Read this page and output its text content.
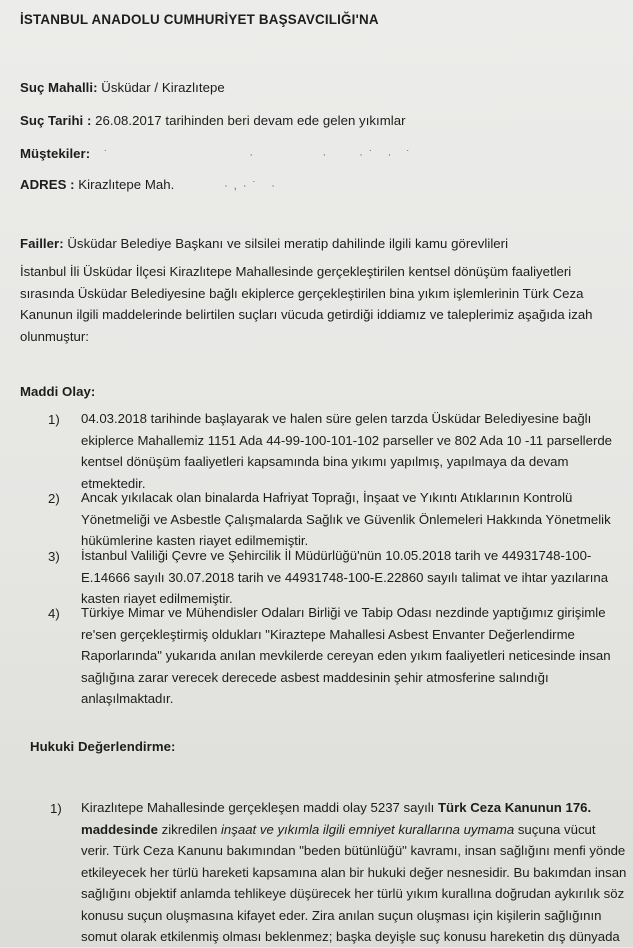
İSTANBUL ANADOLU CUMHURİYET BAŞSAVCILIĞI'NA
Suç Mahalli: Üsküdar / Kirazlıtepe
Suç Tarihi : 26.08.2017 tarihinden beri devam ede gelen yıkımlar
Müştekiler: ˙               ·       ·   ·˙ · ˙
ADRES : Kirazlıtepe Mah.	·,·˙ ·
Failler: Üsküdar Belediye Başkanı ve silsilei meratip dahilinde ilgili kamu görevlileri
İstanbul İli Üsküdar İlçesi Kirazlıtepe Mahallesinde gerçekleştirilen kentsel dönüşüm faaliyetleri
sırasında Üsküdar Belediyesine bağlı ekiplerce gerçekleştirilen bina yıkım işlemlerinin Türk Ceza
Kanunun ilgili maddelerinde belirtilen suçları vücuda getirdiği iddiamız ve taleplerimiz aşağıda izah
olunmuştur:
Maddi Olay:
1) 04.03.2018 tarihinde başlayarak ve halen süre gelen tarzda Üsküdar Belediyesine bağlı
ekiplerce Mahallemiz 1151 Ada 44-99-100-101-102 parseller ve 802 Ada 10 -11 parsellerde
kentsel dönüşüm faaliyetleri kapsamında bina yıkımı yapılmış, yapılmaya da devam
etmektedir.
2) Ancak yıkılacak olan binalarda Hafriyat Toprağı, İnşaat ve Yıkıntı Atıklarının Kontrolü
Yönetmeliği ve Asbestle Çalışmalarda Sağlık ve Güvenlik Önlemeleri Hakkında Yönetmelik
hükümlerine kasten riayet edilmemiştir.
3) İstanbul Valiliği Çevre ve Şehircilik İl Müdürlüğü'nün 10.05.2018 tarih ve 44931748-100-
E.14666 sayılı 30.07.2018 tarih ve 44931748-100-E.22860 sayılı talimat ve ihtar yazılarına
kasten riayet edilmemiştir.
4) Türkiye Mimar ve Mühendisler Odaları Birliği ve Tabip Odası nezdinde yaptığımız girişimle
re'sen gerçekleştirmiş oldukları "Kiraztepe Mahallesi Asbest Envanter Değerlendirme
Raporlarında" yukarıda anılan mevkilerde cereyan eden yıkım faaliyetleri neticesinde insan
sağlığına zarar verecek derecede asbest maddesinin şehir atmosferine salındığı
anlaşılmaktadır.
Hukuki Değerlendirme:
1) Kirazlıtepe Mahallesinde gerçekleşen maddi olay 5237 sayılı Türk Ceza Kanunun 176.
maddesinde zikredilen inşaat ve yıkımla ilgili emniyet kurallarına uymama suçuna vücut
verir. Türk Ceza Kanunu bakımından "beden bütünlüğü" kavramı, insan sağlığını menfi yönde
etkileyecek her türlü hareketi kapsamına alan bir hukuki değer nesnesidir. Bu bakımdan insan
sağlığını objektif anlamda tehlikeye düşürecek her türlü yıkım kurallına doğrudan aykırılık söz
konusu suçun oluşmasına kifayet eder. Zira anılan suçun oluşması için kişilerin sağlığının
somut olarak etkilenmiş olması beklenmez; başka deyişle suç konusu hareketin dış dünyada
